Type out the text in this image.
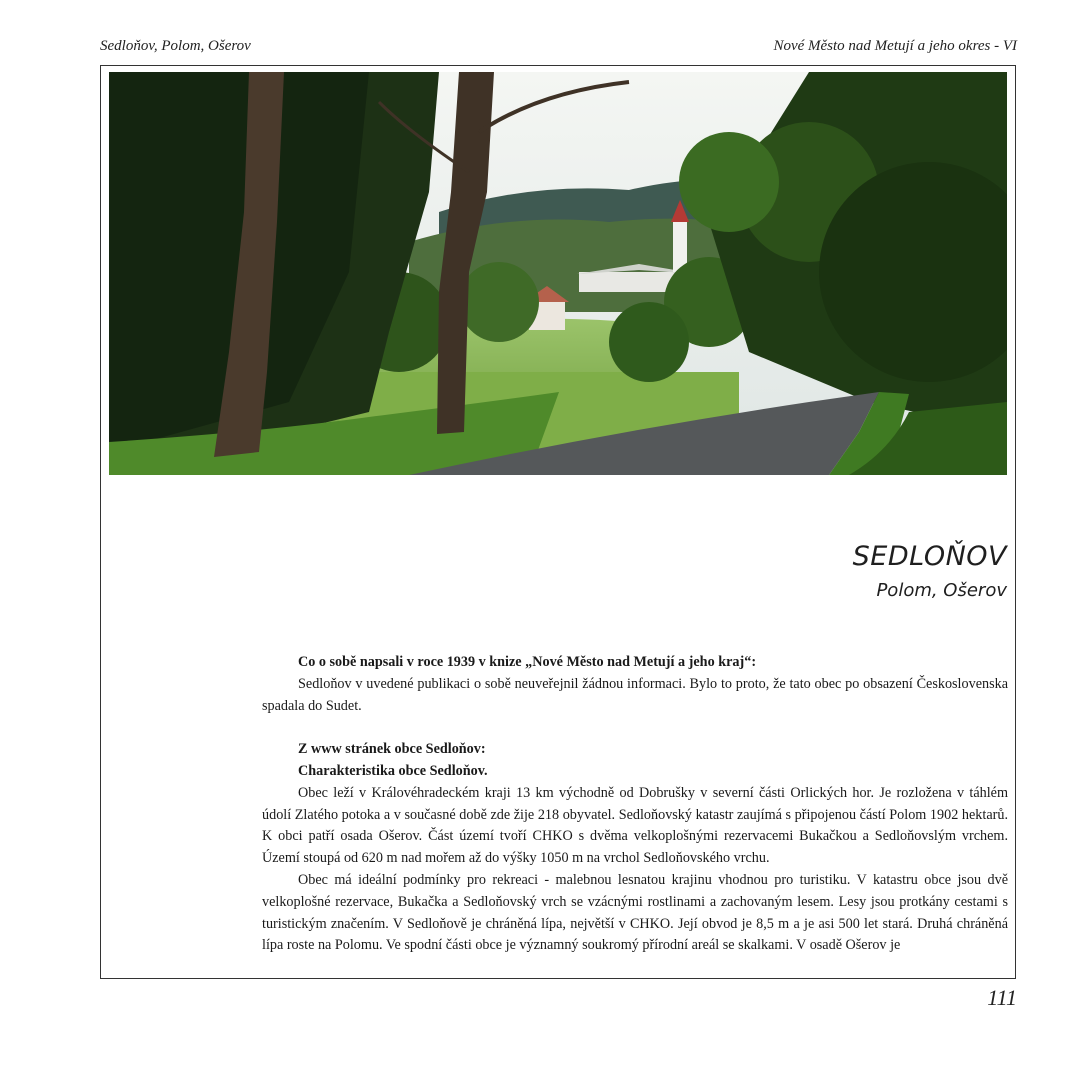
Sedloňov, Polom, Ošerov	Nové Město nad Metují a jeho okres - VI
SEDLOŇOV
Polom, Ošerov

Co o sobě napsali v roce 1939 v knize „Nové Město nad Metují a jeho kraj“:

Sedloňov v uvedené publikaci o sobě neuveřejnil žádnou informaci. Bylo to proto, že tato obec po obsazení Československa spadala do Sudet.

Z www stránek obce Sedloňov:

Charakteristika obce Sedloňov.

Obec leží v Královéhradeckém kraji 13 km východně od Dobrušky v severní části Orlických hor. Je rozložena v táhlém údolí Zlatého potoka a v současné době zde žije 218 obyvatel. Sedloňovský katastr zaujímá s připojenou částí Polom 1902 hektarů. K obci patří osada Ošerov. Část území tvoří CHKO s dvěma velkoplošnými rezervacemi Bukačkou a Sedloňovslým vrchem. Území stoupá od 620 m nad mořem až do výšky 1050 m na vrchol Sedloňovského vrchu.

Obec má ideální podmínky pro rekreaci - malebnou lesnatou krajinu vhodnou pro turistiku. V katastru obce jsou dvě velkoplošné rezervace, Bukačka a Sedloňovský vrch se vzácnými rostlinami a zachovaným lesem. Lesy jsou protkány cestami s turistickým značením. V Sedloňově je chráněná lípa, největší v CHKO. Její obvod je 8,5 m a je asi 500 let stará. Druhá chráněná lípa roste na Polomu. Ve spodní části obce je významný soukromý přírodní areál se skalkami. V osadě Ošerov je

111
